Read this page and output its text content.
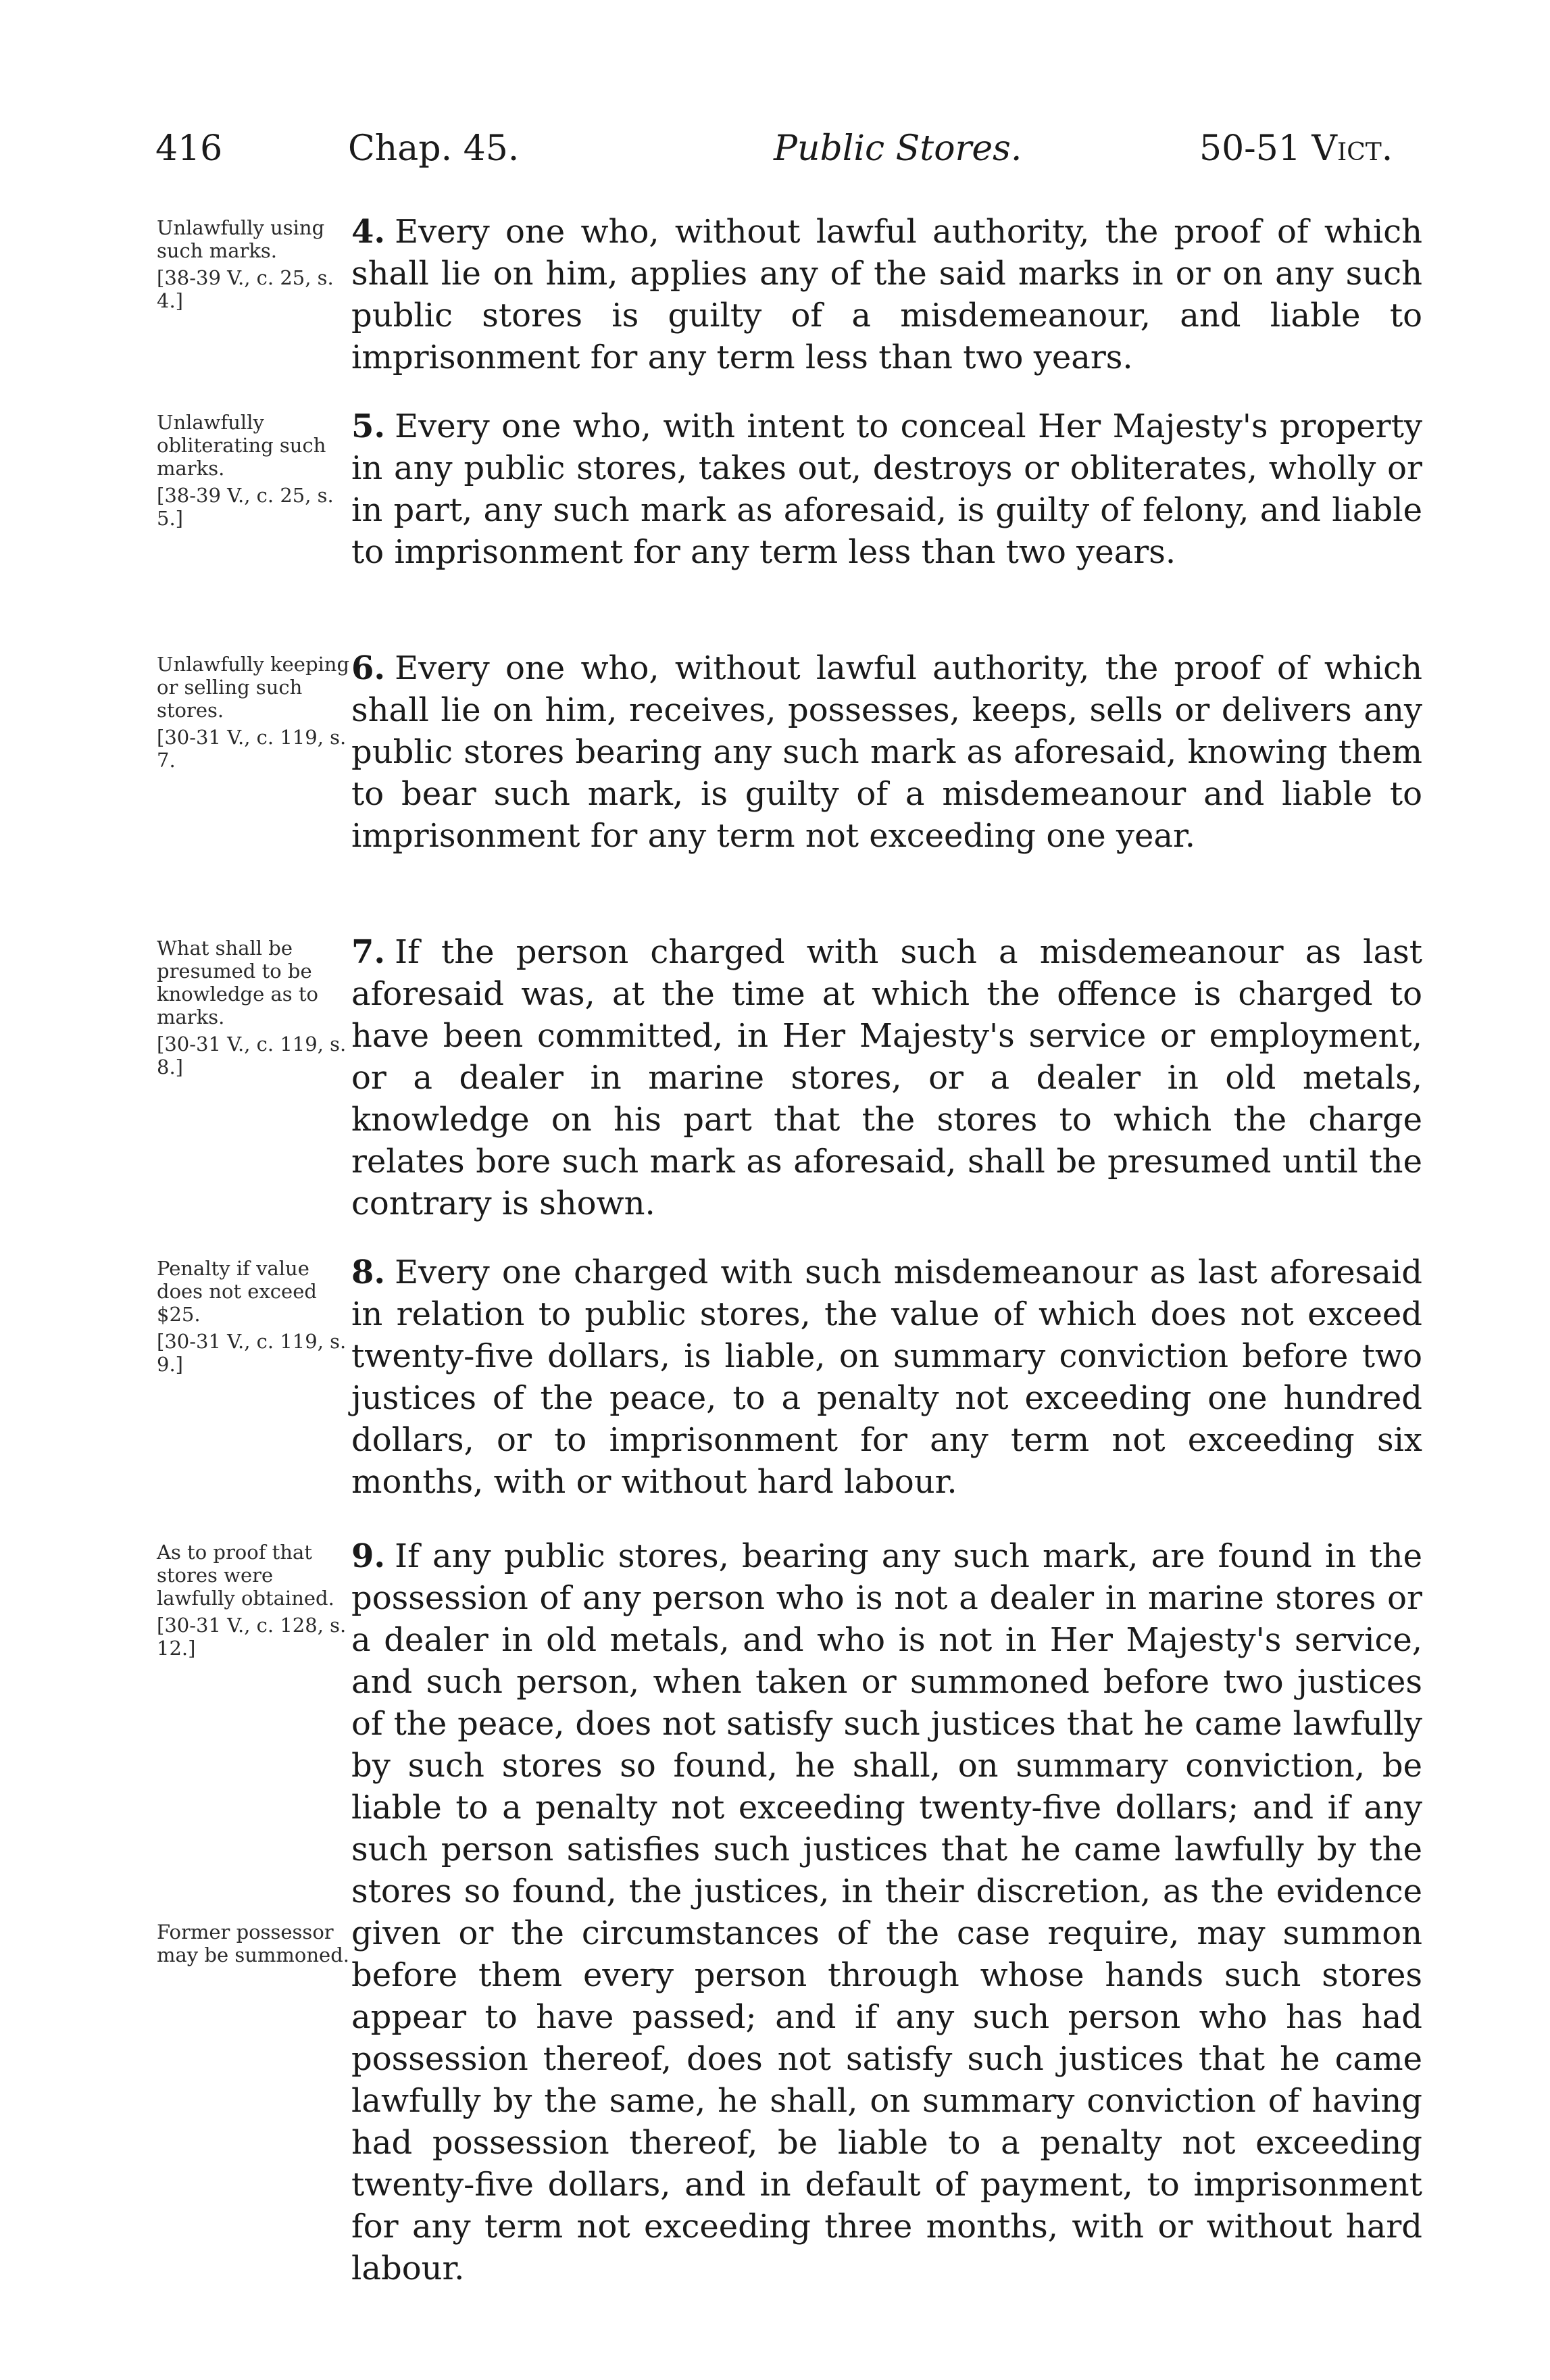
416	Chap. 45.	Public Stores.	50-51 Vict.
Unlawfully using such marks.
[38-39 V., c. 25, s. 4.]
4. Every one who, without lawful authority, the proof of which shall lie on him, applies any of the said marks in or on any such public stores is guilty of a misdemeanour, and liable to imprisonment for any term less than two years.
Unlawfully obliterating such marks.
[38-39 V., c. 25, s. 5.]
5. Every one who, with intent to conceal Her Majesty's property in any public stores, takes out, destroys or obliterates, wholly or in part, any such mark as aforesaid, is guilty of felony, and liable to imprisonment for any term less than two years.
Unlawfully keeping or selling such stores.
[30-31 V., c. 119, s. 7.
6. Every one who, without lawful authority, the proof of which shall lie on him, receives, possesses, keeps, sells or delivers any public stores bearing any such mark as aforesaid, knowing them to bear such mark, is guilty of a misdemeanour and liable to imprisonment for any term not exceeding one year.
What shall be presumed to be knowledge as to marks.
[30-31 V., c. 119, s. 8.]
7. If the person charged with such a misdemeanour as last aforesaid was, at the time at which the offence is charged to have been committed, in Her Majesty's service or employment, or a dealer in marine stores, or a dealer in old metals, knowledge on his part that the stores to which the charge relates bore such mark as aforesaid, shall be presumed until the contrary is shown.
Penalty if value does not exceed $25.
[30-31 V., c. 119, s. 9.]
8. Every one charged with such misdemeanour as last aforesaid in relation to public stores, the value of which does not exceed twenty-five dollars, is liable, on summary conviction before two justices of the peace, to a penalty not exceeding one hundred dollars, or to imprisonment for any term not exceeding six months, with or without hard labour.
As to proof that stores were lawfully obtained.
[30-31 V., c. 128, s. 12.]
Former possessor may be summoned.
9. If any public stores, bearing any such mark, are found in the possession of any person who is not a dealer in marine stores or a dealer in old metals, and who is not in Her Majesty's service, and such person, when taken or summoned before two justices of the peace, does not satisfy such justices that he came lawfully by such stores so found, he shall, on summary conviction, be liable to a penalty not exceeding twenty-five dollars; and if any such person satisfies such justices that he came lawfully by the stores so found, the justices, in their discretion, as the evidence given or the circumstances of the case require, may summon before them every person through whose hands such stores appear to have passed; and if any such person who has had possession thereof, does not satisfy such justices that he came lawfully by the same, he shall, on summary conviction of having had possession thereof, be liable to a penalty not exceeding twenty-five dollars, and in default of payment, to imprisonment for any term not exceeding three months, with or without hard labour.
